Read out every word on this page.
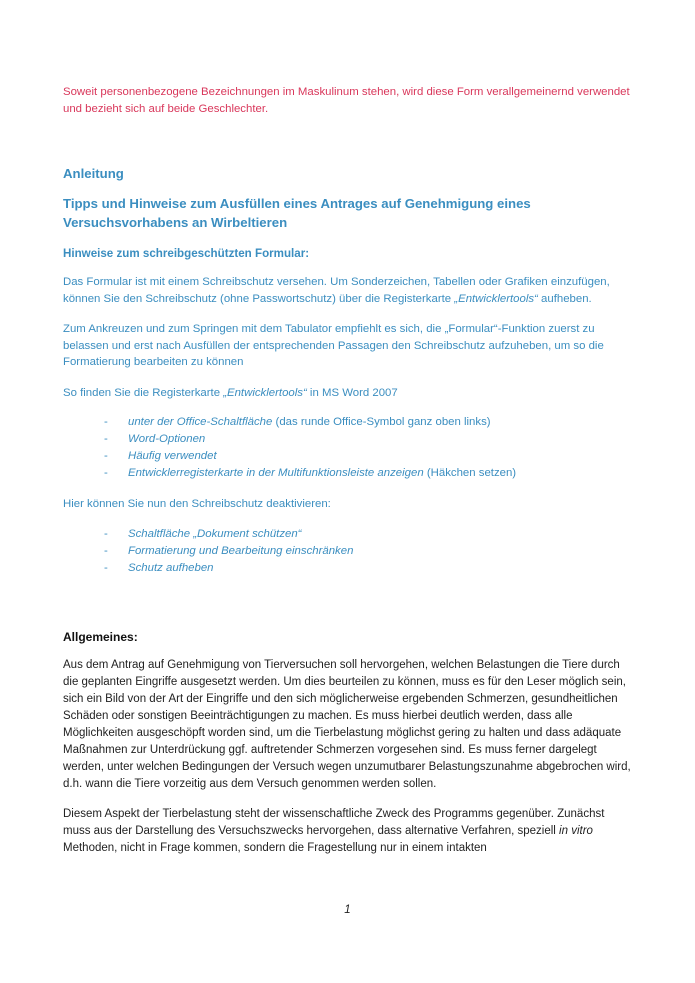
Soweit personenbezogene Bezeichnungen im Maskulinum stehen, wird diese Form verallgemeinernd verwendet und bezieht sich auf beide Geschlechter.

Anleitung
Tipps und Hinweise zum Ausfüllen eines Antrages auf Genehmigung eines Versuchsvorhabens an Wirbeltieren
Hinweise zum schreibgeschützten Formular:

Das Formular ist mit einem Schreibschutz versehen. Um Sonderzeichen, Tabellen oder Grafiken einzufügen, können Sie den Schreibschutz (ohne Passwortschutz) über die Registerkarte „Entwicklertools“ aufheben.

Zum Ankreuzen und zum Springen mit dem Tabulator empfiehlt es sich, die „Formular“-Funktion zuerst zu belassen und erst nach Ausfüllen der entsprechenden Passagen den Schreibschutz aufzuheben, um so die Formatierung bearbeiten zu können

So finden Sie die Registerkarte „Entwicklertools“ in MS Word 2007

- unter der Office-Schaltfläche (das runde Office-Symbol ganz oben links)
- Word-Optionen
- Häufig verwendet
- Entwicklerregisterkarte in der Multifunktionsleiste anzeigen (Häkchen setzen)

Hier können Sie nun den Schreibschutz deaktivieren:

- Schaltfläche „Dokument schützen“
- Formatierung und Bearbeitung einschränken
- Schutz aufheben
Allgemeines:

Aus dem Antrag auf Genehmigung von Tierversuchen soll hervorgehen, welchen Belastungen die Tiere durch die geplanten Eingriffe ausgesetzt werden. Um dies beurteilen zu können, muss es für den Leser möglich sein, sich ein Bild von der Art der Eingriffe und den sich möglicherweise ergebenden Schmerzen, gesundheitlichen Schäden oder sonstigen Beeinträchtigungen zu machen. Es muss hierbei deutlich werden, dass alle Möglichkeiten ausgeschöpft worden sind, um die Tierbelastung möglichst gering zu halten und dass adäquate Maßnahmen zur Unterdrückung ggf. auftretender Schmerzen vorgesehen sind. Es muss ferner dargelegt werden, unter welchen Bedingungen der Versuch wegen unzumutbarer Belastungszunahme abgebrochen wird, d.h. wann die Tiere vorzeitig aus dem Versuch genommen werden sollen.

Diesem Aspekt der Tierbelastung steht der wissenschaftliche Zweck des Programms gegenüber. Zunächst muss aus der Darstellung des Versuchszwecks hervorgehen, dass alternative Verfahren, speziell in vitro Methoden, nicht in Frage kommen, sondern die Fragestellung nur in einem intakten

1
